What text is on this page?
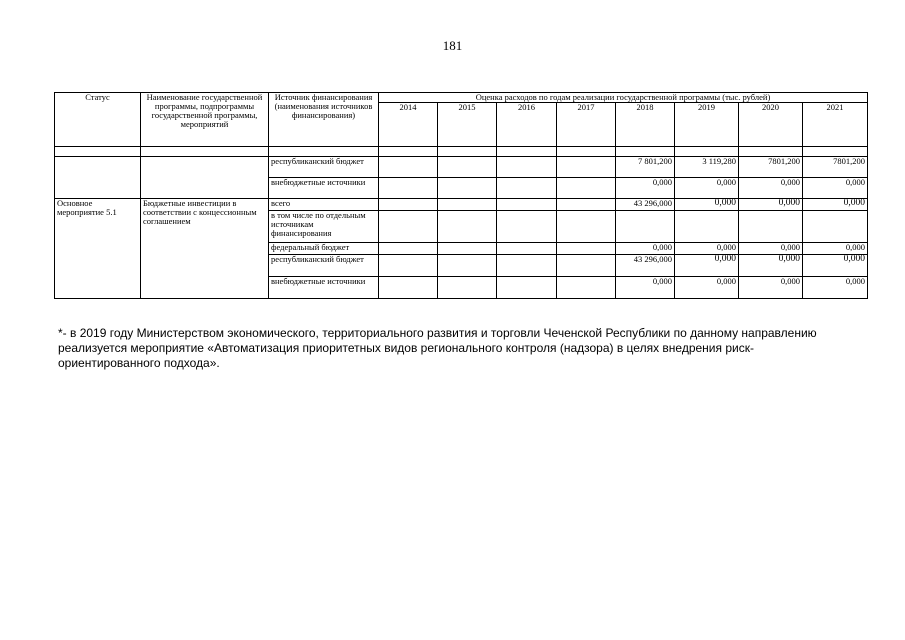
181
Статус	Наименование государственной программы, подпрограммы государственной программы, мероприятий	Источник финансирования (наименования источников финансирования)	Оценка расходов по годам реализации государственной программы (тыс. рублей)							
			2014	2015	2016	2017	2018	2019	2020	2021

		республиканский бюджет					7 801,200	3 119,280	7801,200	7801,200
		внебюджетные источники					0,000	0,000	0,000	0,000
Основное мероприятие 5.1	Бюджетные инвестиции в соответствии с концессионным соглашением	всего					43 296,000	0,000	0,000	0,000
		в том числе по отдельным источникам финансирования								
		федеральный бюджет					0,000	0,000	0,000	0,000
		республиканский бюджет					43 296,000	0,000	0,000	0,000
		внебюджетные источники					0,000	0,000	0,000	0,000
*- в 2019 году Министерством экономического, территориального развития и торговли Чеченской Республики по данному направлению реализуется мероприятие «Автоматизация приоритетных видов регионального контроля (надзора) в целях внедрения риск-ориентированного подхода».
